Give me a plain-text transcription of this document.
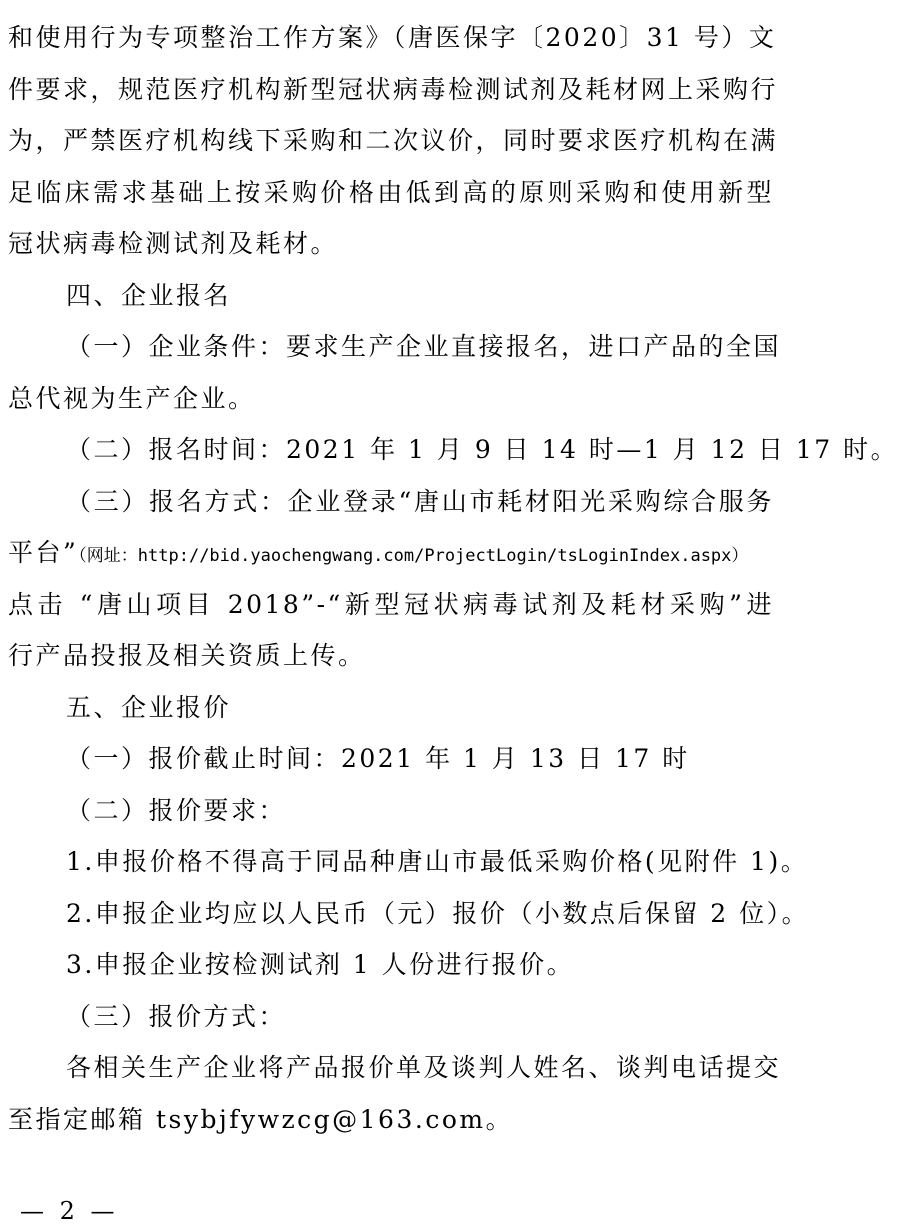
和使用行为专项整治工作方案》（唐医保字〔2020〕31 号）文
件要求，规范医疗机构新型冠状病毒检测试剂及耗材网上采购行
为，严禁医疗机构线下采购和二次议价，同时要求医疗机构在满
足临床需求基础上按采购价格由低到高的原则采购和使用新型
冠状病毒检测试剂及耗材。
四、企业报名
（一）企业条件：要求生产企业直接报名，进口产品的全国
总代视为生产企业。
（二）报名时间：2021 年 1 月 9 日 14 时—1 月 12 日 17 时。
（三）报名方式：企业登录“唐山市耗材阳光采购综合服务
平台”（网址：http://bid.yaochengwang.com/ProjectLogin/tsLoginIndex.aspx）
点击 “唐山项目 2018”-“新型冠状病毒试剂及耗材采购”进
行产品投报及相关资质上传。
五、企业报价
（一）报价截止时间：2021 年 1 月 13 日 17 时
（二）报价要求：
1.申报价格不得高于同品种唐山市最低采购价格(见附件 1)。
2.申报企业均应以人民币（元）报价（小数点后保留 2 位）。
3.申报企业按检测试剂 1 人份进行报价。
（三）报价方式：
各相关生产企业将产品报价单及谈判人姓名、谈判电话提交
至指定邮箱 tsybjfywzcg@163.com。
— 2 —
